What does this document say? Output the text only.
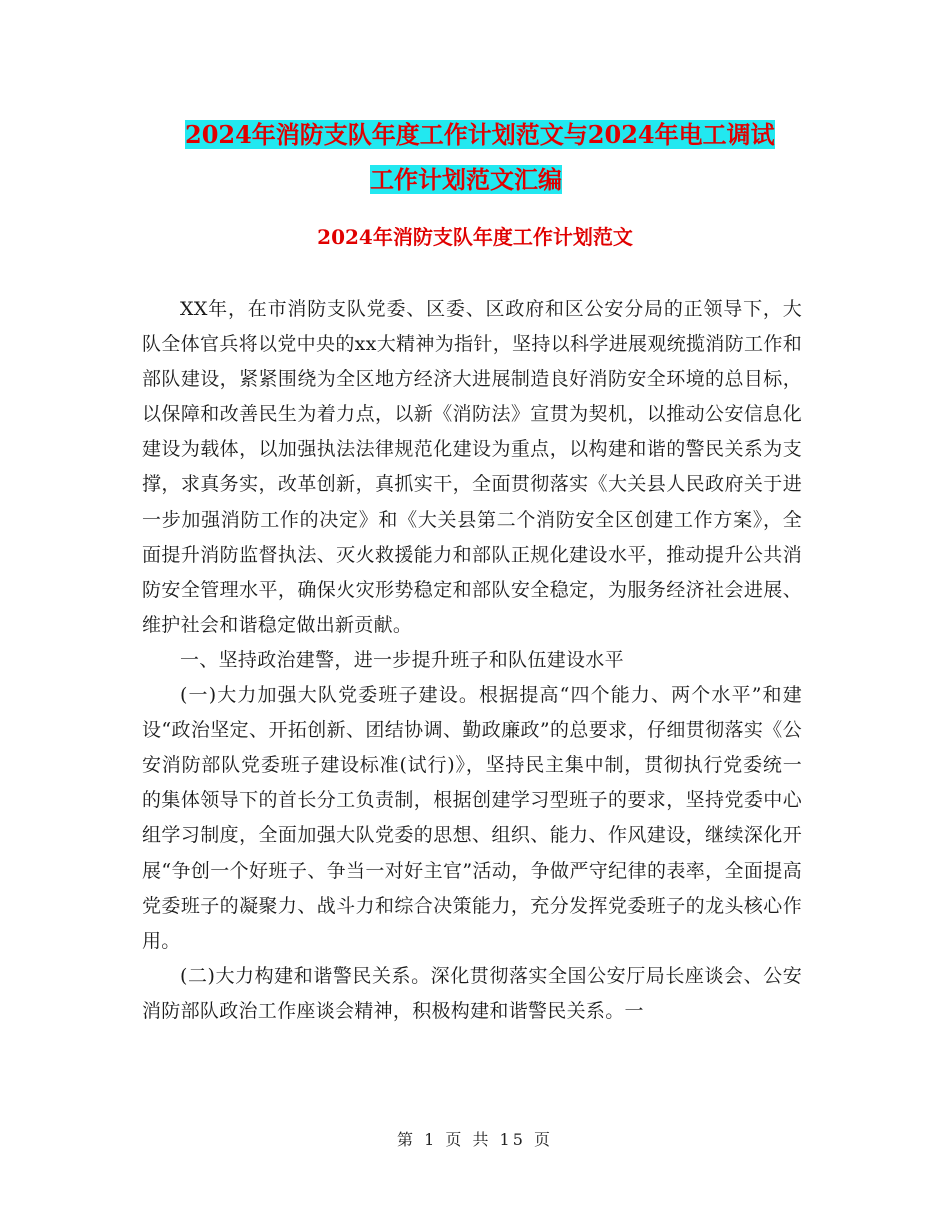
2024年消防支队年度工作计划范文与2024年电工调试
工作计划范文汇编
2024年消防支队年度工作计划范文

XX年，在市消防支队党委、区委、区政府和区公安分局的正领导下，大队全体官兵将以党中央的xx大精神为指针，坚持以科学进展观统揽消防工作和部队建设，紧紧围绕为全区地方经济大进展制造良好消防安全环境的总目标，以保障和改善民生为着力点，以新《消防法》宣贯为契机，以推动公安信息化建设为载体，以加强执法法律规范化建设为重点，以构建和谐的警民关系为支撑，求真务实，改革创新，真抓实干，全面贯彻落实《大关县人民政府关于进一步加强消防工作的决定》和《大关县第二个消防安全区创建工作方案》，全面提升消防监督执法、灭火救援能力和部队正规化建设水平，推动提升公共消防安全管理水平，确保火灾形势稳定和部队安全稳定，为服务经济社会进展、维护社会和谐稳定做出新贡献。

一、坚持政治建警，进一步提升班子和队伍建设水平

(一)大力加强大队党委班子建设。根据提高“四个能力、两个水平”和建设“政治坚定、开拓创新、团结协调、勤政廉政”的总要求，仔细贯彻落实《公安消防部队党委班子建设标准(试行)》，坚持民主集中制，贯彻执行党委统一的集体领导下的首长分工负责制，根据创建学习型班子的要求，坚持党委中心组学习制度，全面加强大队党委的思想、组织、能力、作风建设，继续深化开展“争创一个好班子、争当一对好主官”活动，争做严守纪律的表率，全面提高党委班子的凝聚力、战斗力和综合决策能力，充分发挥党委班子的龙头核心作用。

(二)大力构建和谐警民关系。深化贯彻落实全国公安厅局长座谈会、公安消防部队政治工作座谈会精神，积极构建和谐警民关系。一

第 1 页 共 15 页
